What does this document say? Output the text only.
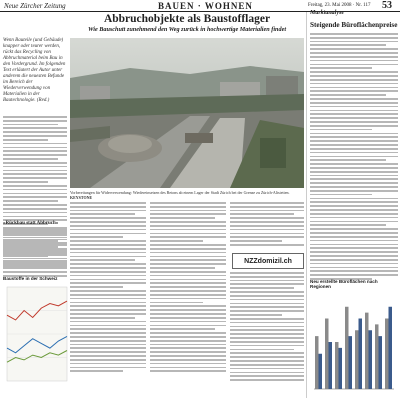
Neue Zürcher Zeitung	BAUEN · WOHNEN	Freitag, 23. Mai 2008 · Nr. 117 53
Abbruchobjekte als Baustofflager
Wie Bauschutt zunehmend den Weg zurück in hochwertige Materialien findet
Wenn Bauteile (und Gebäude) knapper oder teurer werden, rückt das Recycling von Abbruchmaterial beim Bau in den Vordergrund. Im folgenden Text erläutert der Autor unter anderem die neuesten Befunde im Bereich der Wiederverwendung von Materialien in der Bautechnologie. (Red.)
«Rückbau statt Abbruch»
Vorbereitungen für Widerverwendung: Wiedereinsetzen des Betons ab einem Lager der Stadt Zürich bei der Grenze zu Zürich-Altstetten. KEYSTONE
NZZdomizil.ch
Marktanalyse
Steigende Büroflächenpreise
Baustoffe in der Schweiz
Neu erstellte Büroflächen nach Regionen
